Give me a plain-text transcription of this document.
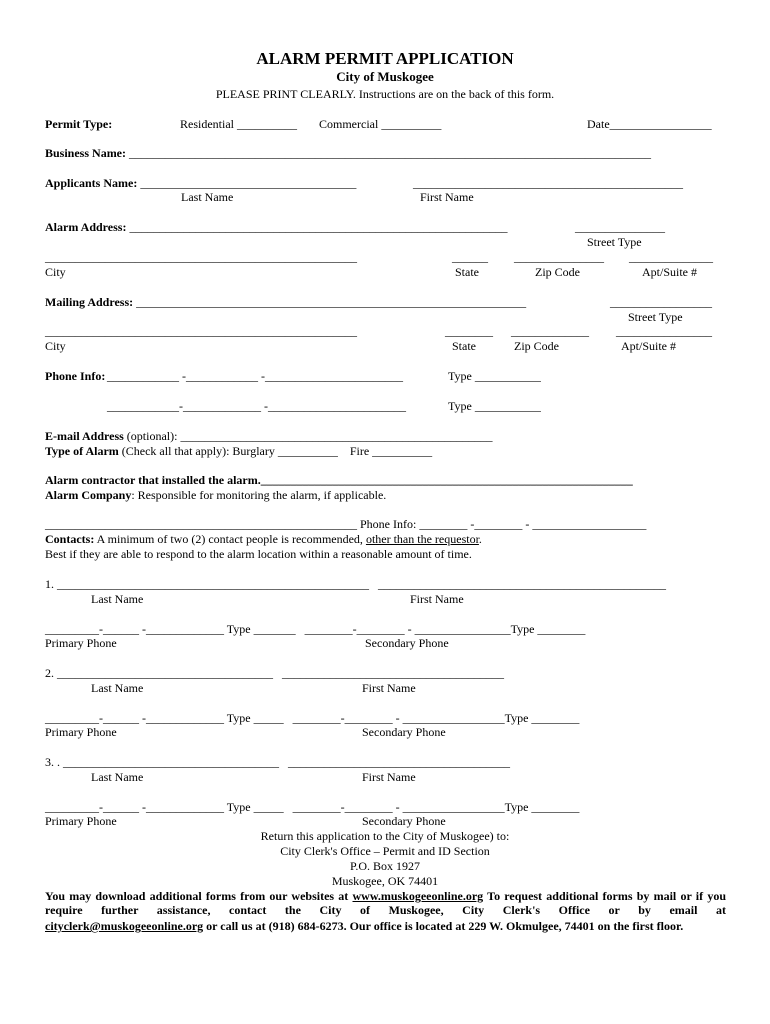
ALARM PERMIT APPLICATION
City of Muskogee
PLEASE PRINT CLEARLY. Instructions are on the back of this form.
Permit Type:	Residential __________ Commercial __________	Date_________________
Business Name: _______________________________________________________________________________________
Applicants Name: ____________________________________	_____________________________________________
Last Name	First Name
Alarm Address: _______________________________________________________________	_______________
Street Type
____________________________________________________	______ _______________ ______________
City	State	Zip Code	Apt/Suite #
Mailing Address: _________________________________________________________________	_________________
Street Type
____________________________________________________	________ _____________ ________________
City	State	Zip Code	Apt/Suite #
Phone Info: ____________ -____________ -_______________________	Type ___________
____________-_____________ -_______________________	Type ___________
E-mail Address (optional): ____________________________________________________
Type of Alarm (Check all that apply): Burglary __________    Fire __________
Alarm contractor that installed the alarm.______________________________________________________________
Alarm Company: Responsible for monitoring the alarm, if applicable.
____________________________________________________ Phone Info: ________ -________ - ___________________
Contacts: A minimum of two (2) contact people is recommended, other than the requestor.
Best if they are able to respond to the alarm location within a reasonable amount of time.
1. ____________________________________________________   ________________________________________________
Last Name	First Name
_________-______ -_____________ Type _______   ________-________ - ________________Type ________
Primary Phone	Secondary Phone
2. ____________________________________   _____________________________________
Last Name	First Name
_________-______ -_____________ Type _____   ________-________ - _________________Type ________
Primary Phone	Secondary Phone
3. . ____________________________________   _____________________________________
Last Name	First Name
_________-______ -_____________ Type _____   ________-________ - _________________Type ________
Primary Phone	Secondary Phone
Return this application to the City of Muskogee) to:
City Clerk's Office – Permit and ID Section
P.O. Box 1927
Muskogee, OK 74401
You may download additional forms from our websites at www.muskogeeonline.org To request additional forms by mail or if you require further assistance, contact the City of Muskogee, City Clerk's Office or by email at
cityclerk@muskogeeonline.org or call us at (918) 684-6273. Our office is located at 229 W. Okmulgee, 74401 on the first floor.
